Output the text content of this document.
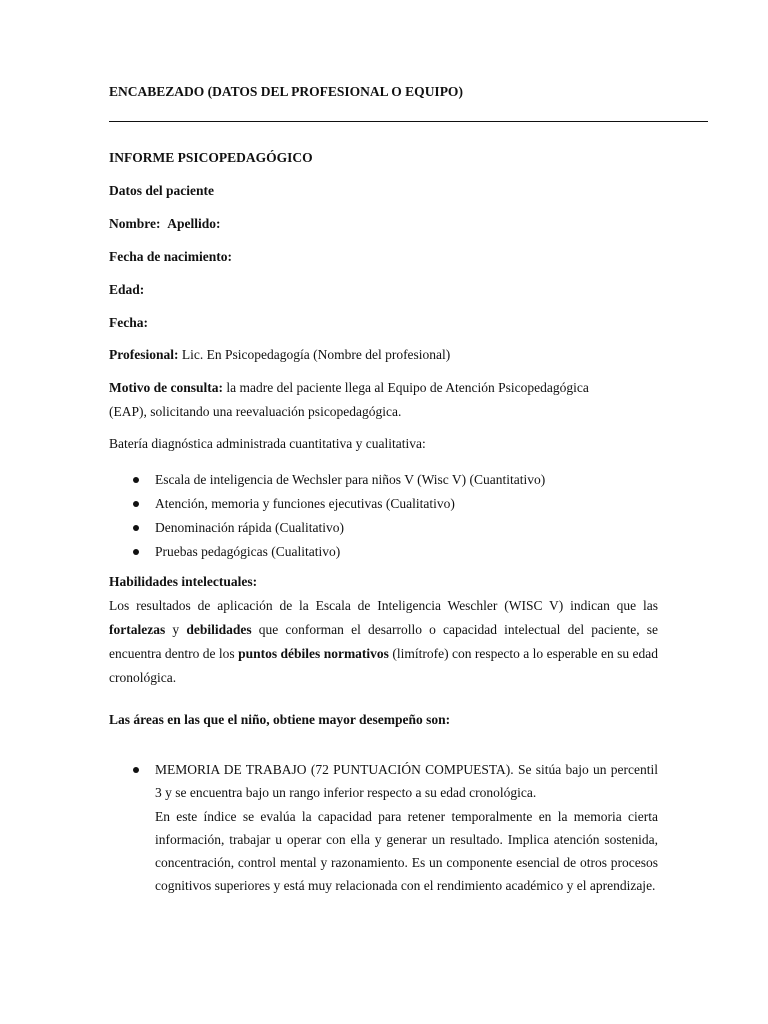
ENCABEZADO (DATOS DEL PROFESIONAL O EQUIPO)

INFORME PSICOPEDAGÓGICO

Datos del paciente

Nombre: Apellido:

Fecha de nacimiento:

Edad:

Fecha:

Profesional: Lic. En Psicopedagogía (Nombre del profesional)

Motivo de consulta: la madre del paciente llega al Equipo de Atención Psicopedagógica

(EAP), solicitando una reevaluación psicopedagógica.

Batería diagnóstica administrada cuantitativa y cualitativa:

Escala de inteligencia de Wechsler para niños V (Wisc V) (Cuantitativo)
Atención, memoria y funciones ejecutivas (Cualitativo)
Denominación rápida (Cualitativo)
Pruebas pedagógicas (Cualitativo)

Habilidades intelectuales:

Los resultados de aplicación de la Escala de Inteligencia Weschler (WISC V) indican que las fortalezas y debilidades que conforman el desarrollo o capacidad intelectual del paciente, se encuentra dentro de los puntos débiles normativos (limítrofe) con respecto a lo esperable en su edad cronológica.

Las áreas en las que el niño, obtiene mayor desempeño son:

MEMORIA DE TRABAJO (72 PUNTUACIÓN COMPUESTA). Se sitúa bajo un percentil 3 y se encuentra bajo un rango inferior respecto a su edad cronológica.

En este índice se evalúa la capacidad para retener temporalmente en la memoria cierta información, trabajar u operar con ella y generar un resultado. Implica atención sostenida, concentración, control mental y razonamiento. Es un componente esencial de otros procesos cognitivos superiores y está muy relacionada con el rendimiento académico y el aprendizaje.
